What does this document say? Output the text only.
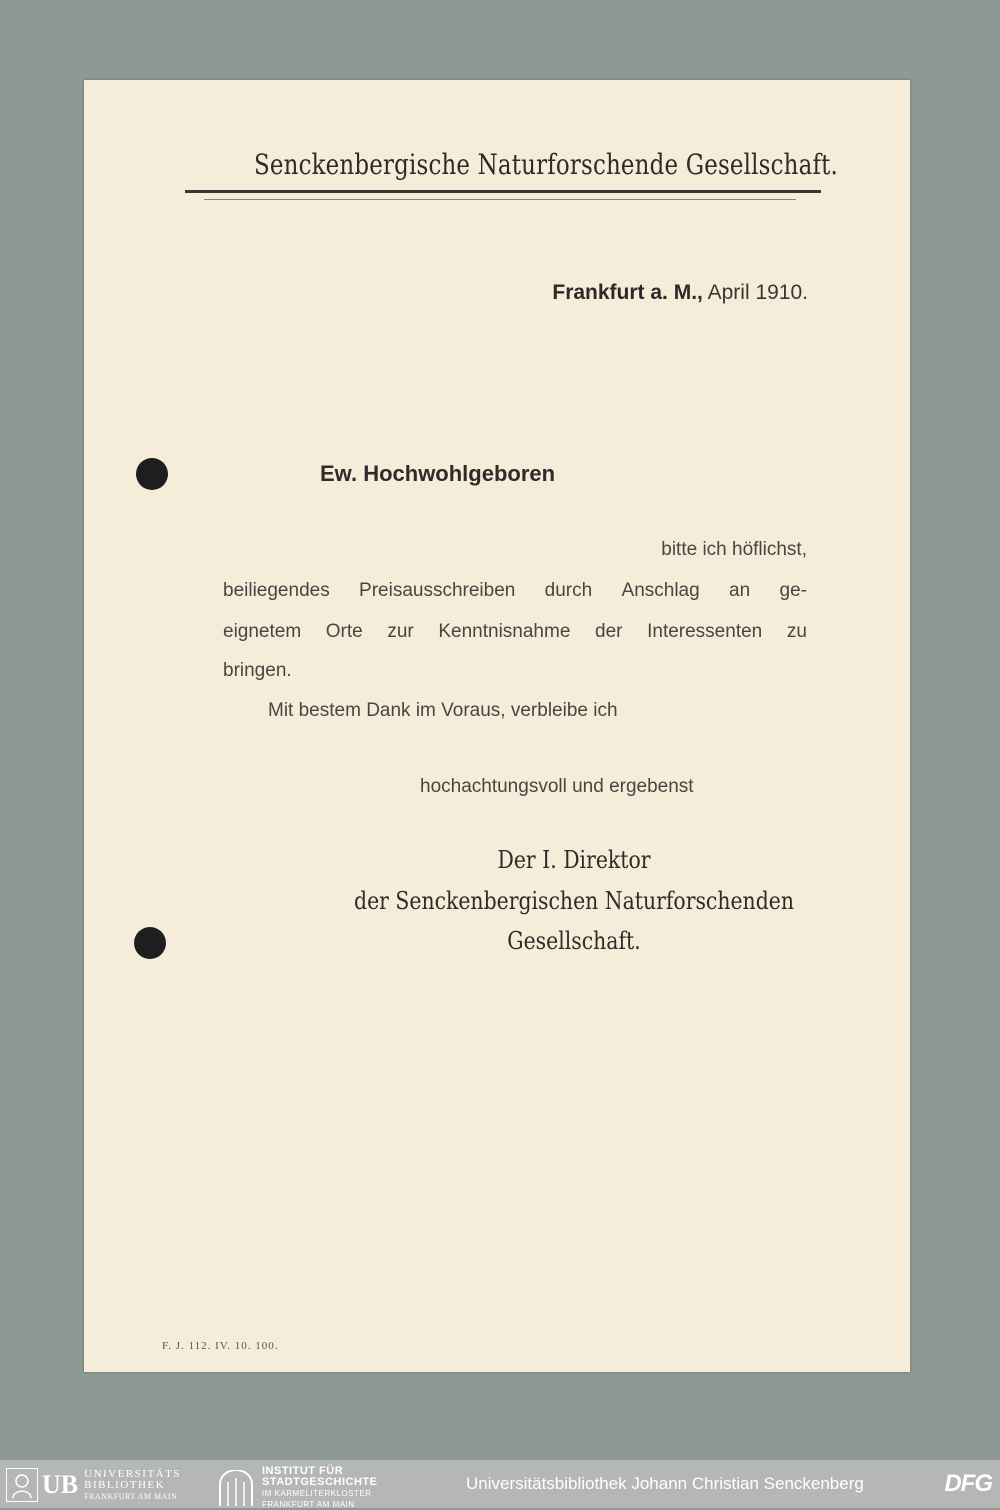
Senckenbergische Naturforschende Gesellschaft.
Frankfurt a. M., April 1910.
Ew. Hochwohlgeboren
bitte ich höflichst,
beiliegendes Preisausschreiben durch Anschlag an ge-
eignetem Orte zur Kenntnisnahme der Interessenten zu
bringen.
Mit bestem Dank im Voraus, verbleibe ich
hochachtungsvoll und ergebenst
Der I. Direktor
der Senckenbergischen Naturforschenden
Gesellschaft.
F. J. 112. IV. 10. 100.
UB UNIVERSITÄTS
BIBLIOTHEK
FRANKFURT AM MAIN
INSTITUT FÜR
STADTGESCHICHTE
IM KARMELITERKLOSTER
FRANKFURT AM MAIN
Universitätsbibliothek Johann Christian Senckenberg	DFG
